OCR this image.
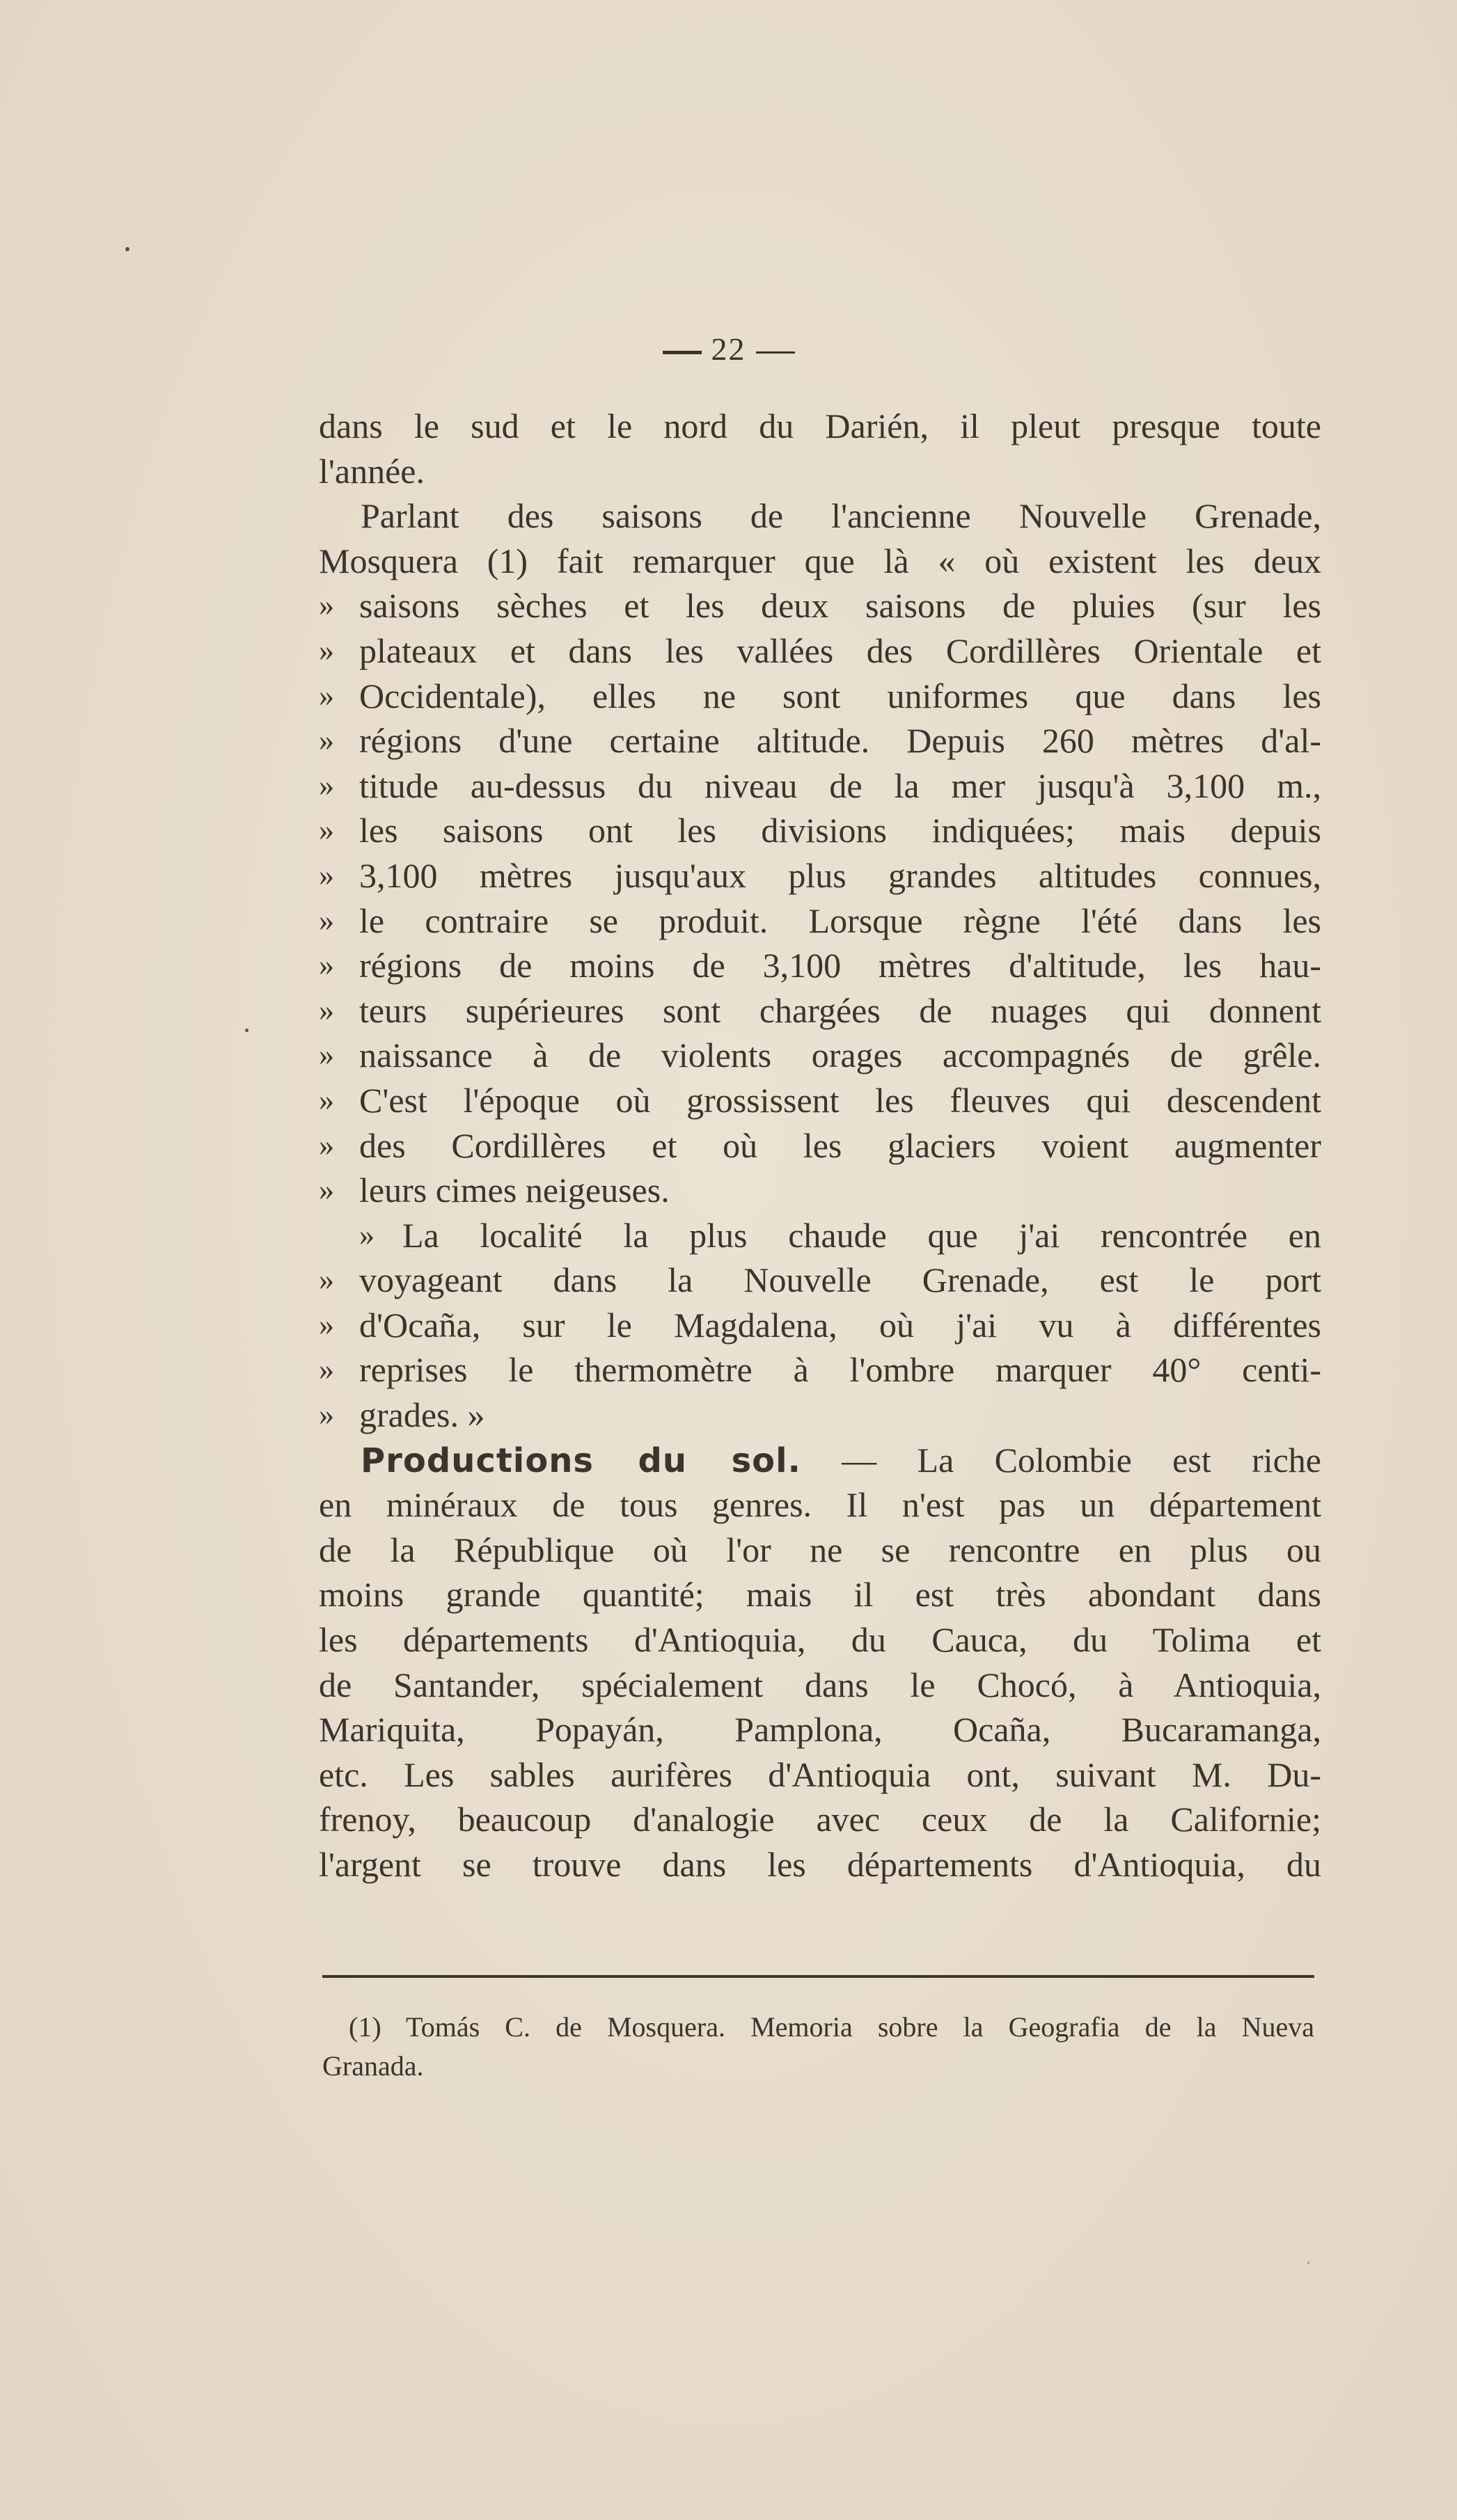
22
dans le sud et le nord du Darién, il pleut presque toute
l'année.
Parlant des saisons de l'ancienne Nouvelle Grenade,
Mosquera (1) fait remarquer que là « où existent les deux
» saisons sèches et les deux saisons de pluies (sur les
» plateaux et dans les vallées des Cordillères Orientale et
» Occidentale), elles ne sont uniformes que dans les
» régions d'une certaine altitude. Depuis 260 mètres d'al-
» titude au-dessus du niveau de la mer jusqu'à 3,100 m.,
» les saisons ont les divisions indiquées; mais depuis
» 3,100 mètres jusqu'aux plus grandes altitudes connues,
» le contraire se produit. Lorsque règne l'été dans les
» régions de moins de 3,100 mètres d'altitude, les hau-
» teurs supérieures sont chargées de nuages qui donnent
» naissance à de violents orages accompagnés de grêle.
» C'est l'époque où grossissent les fleuves qui descendent
» des Cordillères et où les glaciers voient augmenter
» leurs cimes neigeuses.
» La localité la plus chaude que j'ai rencontrée en
» voyageant dans la Nouvelle Grenade, est le port
» d'Ocaña, sur le Magdalena, où j'ai vu à différentes
» reprises le thermomètre à l'ombre marquer 40° centi-
» grades. »
Productions du sol. — La Colombie est riche
en minéraux de tous genres. Il n'est pas un département
de la République où l'or ne se rencontre en plus ou
moins grande quantité; mais il est très abondant dans
les départements d'Antioquia, du Cauca, du Tolima et
de Santander, spécialement dans le Chocó, à Antioquia,
Mariquita, Popayán, Pamplona, Ocaña, Bucaramanga,
etc. Les sables aurifères d'Antioquia ont, suivant M. Du-
frenoy, beaucoup d'analogie avec ceux de la Californie;
l'argent se trouve dans les départements d'Antioquia, du
(1) Tomás C. de Mosquera. Memoria sobre la Geografia de la Nueva
Granada.
